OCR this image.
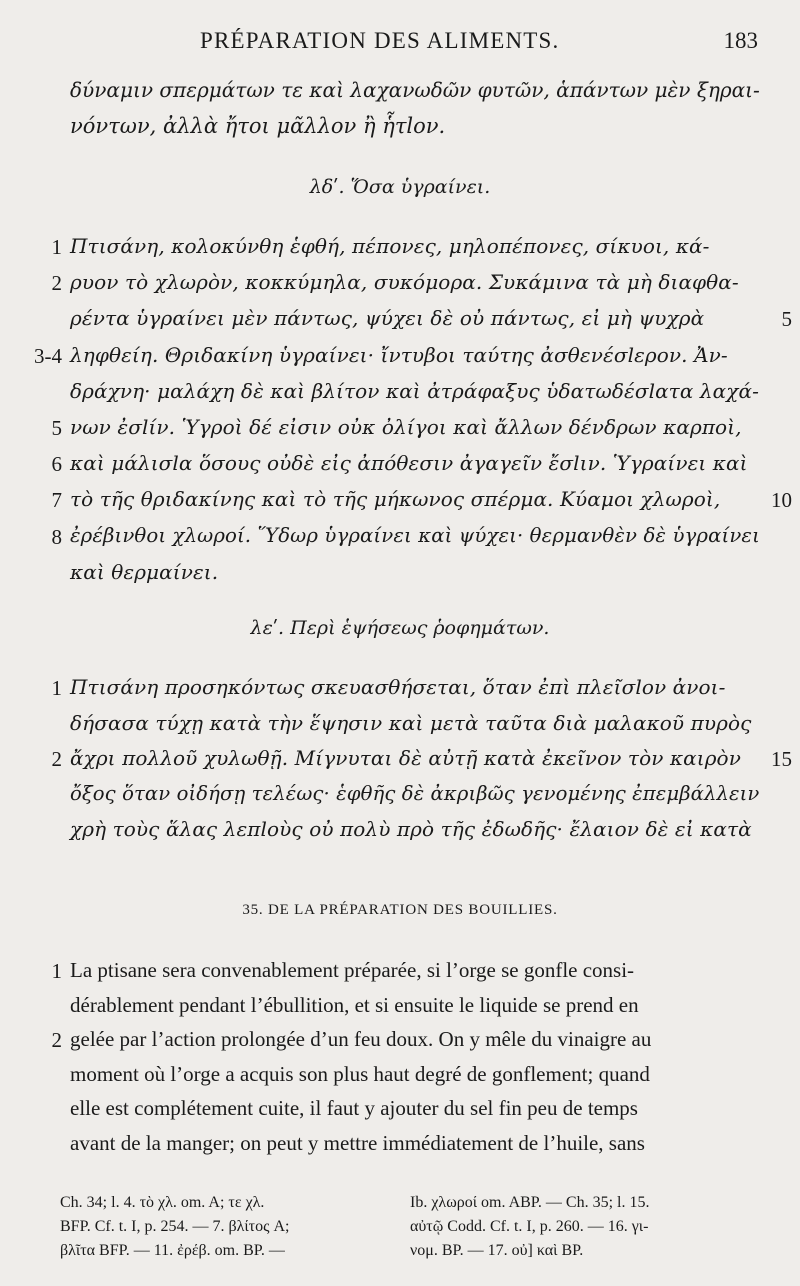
PRÉPARATION DES ALIMENTS.	183
δύναμιν σπερμάτων τε καὶ λαχανωδῶν φυτῶν, ἁπάντων μὲν ξηραι-
νόντων, ἀλλὰ ἤτοι μᾶλλον ἢ ἧτlον.
λδʹ. Ὅσα ὑγραίνει.
Πτισάνη, κολοκύνθη ἑφθή, πέπονες, μηλοπέπονες, σίκυοι, κά-
1
ρυον τὸ χλωρὸν, κοκκύμηλα, συκόμορα. Συκάμινα τὰ μὴ διαφθα-
2
ρέντα ὑγραίνει μὲν πάντως, ψύχει δὲ οὐ πάντως, εἰ μὴ ψυχρὰ	5
ληφθείη. Θριδακίνη ὑγραίνει· ἴντυβοι ταύτης ἀσθενέσlερον. Ἀν-
3-4
δράχνη· μαλάχη δὲ καὶ βλίτον καὶ ἀτράφαξυς ὑδατωδέσlατα λαχά-
νων ἐσlίν. Ὑγροὶ δέ εἰσιν οὐκ ὀλίγοι καὶ ἄλλων δένδρων καρποὶ,
5
καὶ μάλισlα ὅσους οὐδὲ εἰς ἀπόθεσιν ἀγαγεῖν ἔσlιν. Ὑγραίνει καὶ
6
τὸ τῆς θριδακίνης καὶ τὸ τῆς μήκωνος σπέρμα. Κύαμοι χλωροὶ,
7	10
ἐρέβινθοι χλωροί. Ὕδωρ ὑγραίνει καὶ ψύχει· θερμανθὲν δὲ ὑγραίνει
8
καὶ θερμαίνει.
λεʹ. Περὶ ἑψήσεως ῥοφημάτων.
Πτισάνη προσηκόντως σκευασθήσεται, ὅταν ἐπὶ πλεῖσlον ἀνοι-
1
δήσασα τύχῃ κατὰ τὴν ἕψησιν καὶ μετὰ ταῦτα διὰ μαλακοῦ πυρὸς
ἄχρι πολλοῦ χυλωθῇ. Μίγνυται δὲ αὐτῇ κατὰ ἐκεῖνον τὸν καιρὸν
2	15
ὄξος ὅταν οἰδήσῃ τελέως· ἑφθῆς δὲ ἀκριβῶς γενομένης ἐπεμβάλλειν
χρὴ τοὺς ἅλας λεπlοὺς οὐ πολὺ πρὸ τῆς ἐδωδῆς· ἔλαιον δὲ εἰ κατὰ
35. DE LA PRÉPARATION DES BOUILLIES.
La ptisane sera convenablement préparée, si l’orge se gonfle consi-
1
dérablement pendant l’ébullition, et si ensuite le liquide se prend en
gelée par l’action prolongée d’un feu doux. On y mêle du vinaigre au
2
moment où l’orge a acquis son plus haut degré de gonflement; quand
elle est complétement cuite, il faut y ajouter du sel fin peu de temps
avant de la manger; on peut y mettre immédiatement de l’huile, sans
Ch. 34; l. 4. τὸ χλ. om. A; τε χλ.
BFP. Cf. t. I, p. 254. — 7. βλίτος A;
βλῖτα BFP. — 11. ἐρέβ. om. BP. —
Ib. χλωροί om. ABP. — Ch. 35; l. 15.
αὐτῷ Codd. Cf. t. I, p. 260. — 16. γι-
νομ. BP. — 17. οὐ] καὶ BP.
